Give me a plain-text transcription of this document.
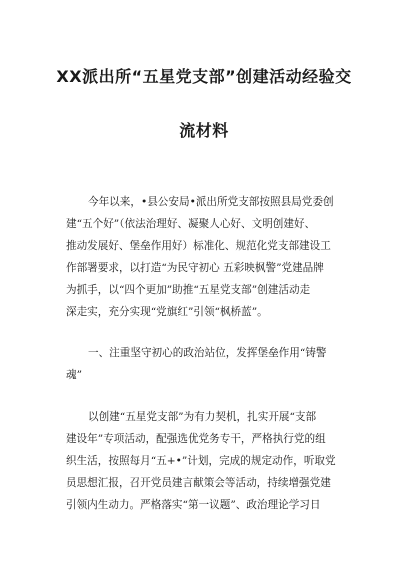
XX派出所“五星党支部”创建活动经验交
流材料

今年以来，•县公安局•派出所党支部按照县局党委创
建“五个好”（依法治理好、凝聚人心好、文明创建好、
推动发展好、堡垒作用好）标准化、规范化党支部建设工
作部署要求，以打造“为民守初心 五彩映枫警”党建品牌
为抓手，以“四个更加”助推“五星党支部”创建活动走
深走实，充分实现“党旗红”引领“枫桥蓝”。

一、注重坚守初心的政治站位，发挥堡垒作用“铸警
魂”

以创建“五星党支部”为有力契机，扎实开展“支部
建设年”专项活动，配强选优党务专干，严格执行党的组
织生活，按照每月“五+•”计划，完成的规定动作，听取党
员思想汇报，召开党员建言献策会等活动，持续增强党建
引领内生动力。严格落实“第一议题”、政治理论学习日
